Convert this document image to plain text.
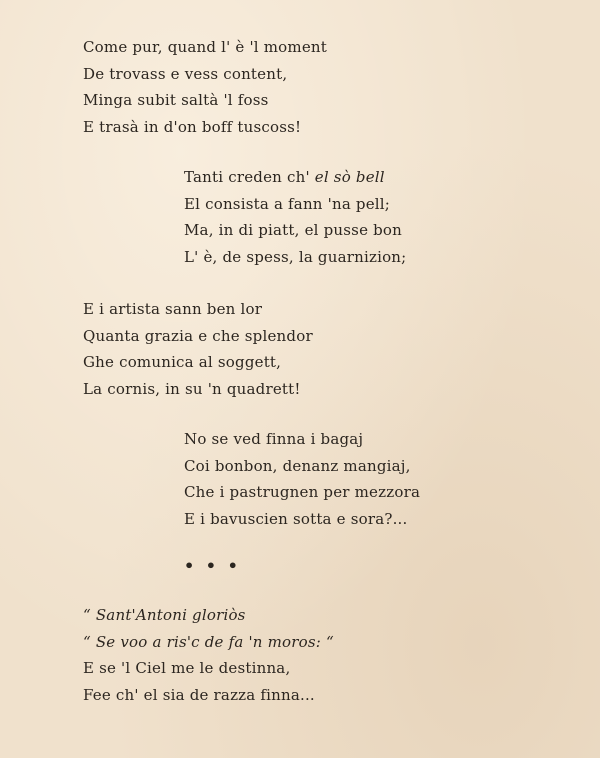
Come pur, quand l' è 'l moment
De trovass e vess content,
Minga subit saltà 'l foss
E trasà in d'on boff tuscoss!
Tanti creden ch' el sò bell
El consista a fann 'na pell;
Ma, in di piatt, el pusse bon
L' è, de spess, la guarnizion;
E i artista sann ben lor
Quanta grazia e che splendor
Ghe comunica al soggett,
La cornis, in su 'n quadrett!
No se ved finna i bagaj
Coi bonbon, denanz mangiaj,
Che i pastrugnen per mezzora
E i bavuscien sotta e sora?...
• • •
“ Sant'Antoni gloriòs
“ Se voo a ris'c de fa 'n moros: “
E se 'l Ciel me le destinna,
Fee ch' el sia de razza finna...
